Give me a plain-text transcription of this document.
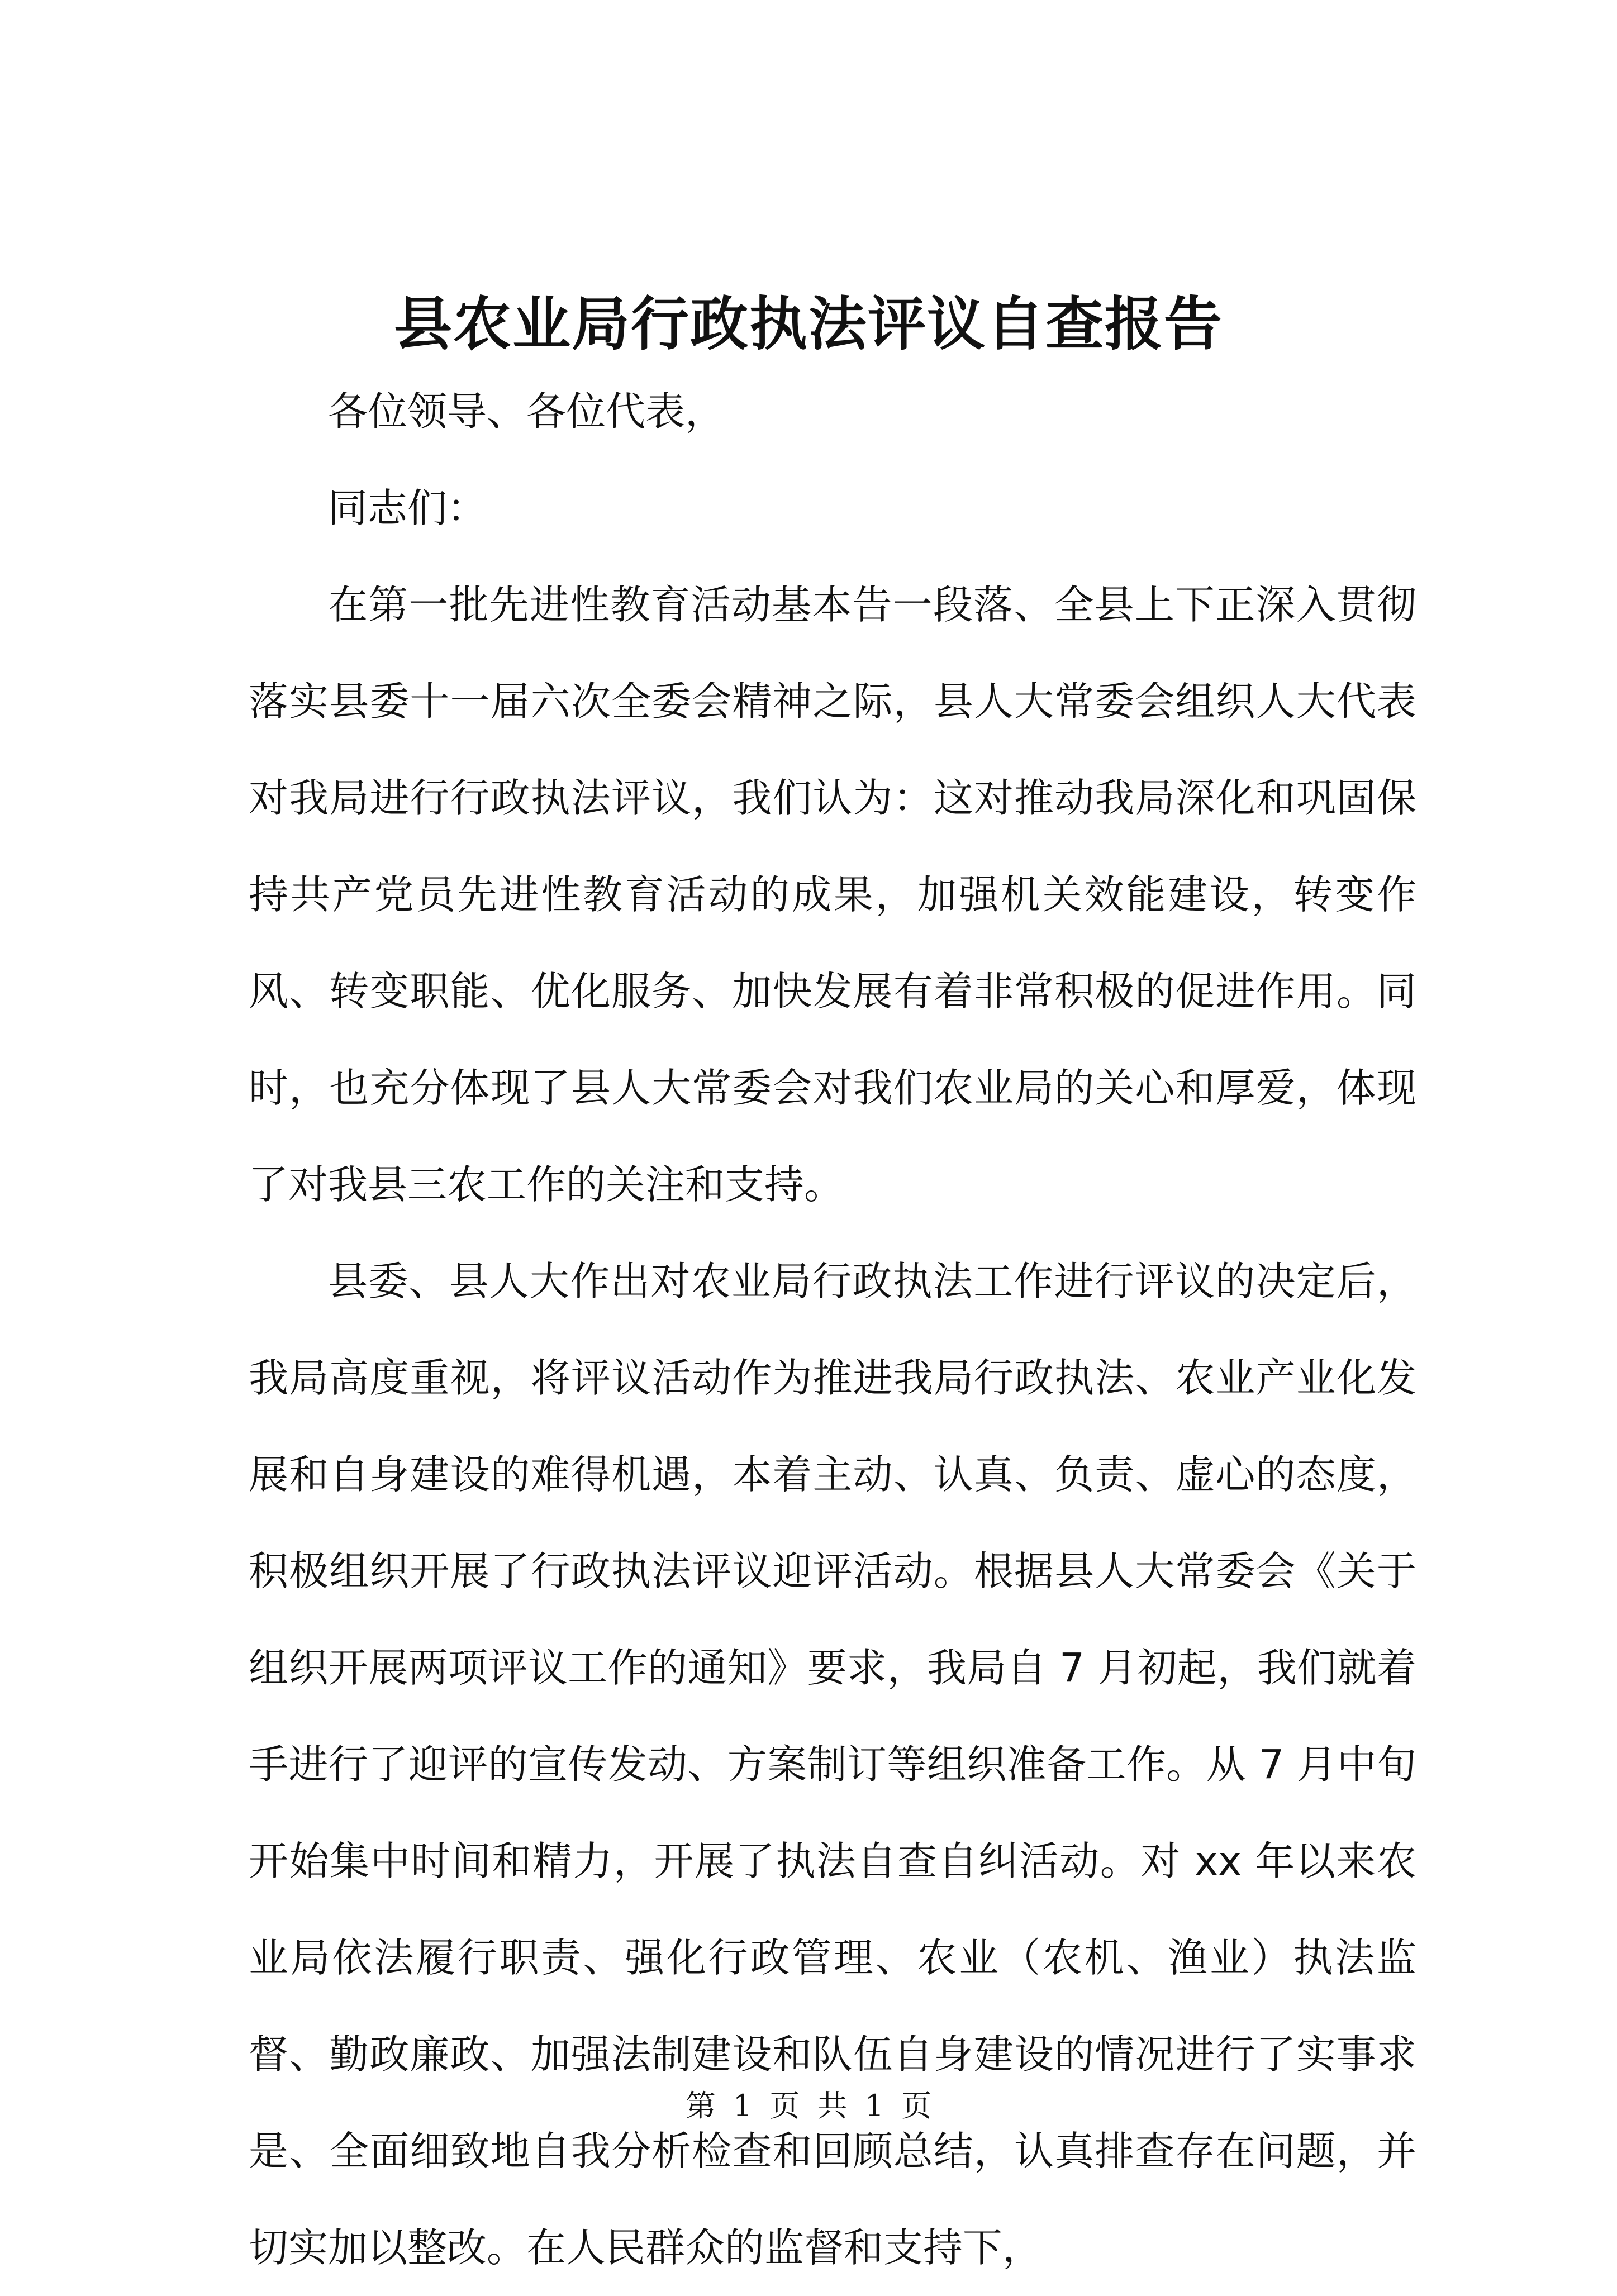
县农业局行政执法评议自查报告

各位领导、各位代表，

同志们：

在第一批先进性教育活动基本告一段落、全县上下正深入贯彻落实县委十一届六次全委会精神之际，县人大常委会组织人大代表对我局进行行政执法评议，我们认为：这对推动我局深化和巩固保持共产党员先进性教育活动的成果，加强机关效能建设，转变作风、转变职能、优化服务、加快发展有着非常积极的促进作用。同时，也充分体现了县人大常委会对我们农业局的关心和厚爱，体现了对我县三农工作的关注和支持。

县委、县人大作出对农业局行政执法工作进行评议的决定后，我局高度重视，将评议活动作为推进我局行政执法、农业产业化发展和自身建设的难得机遇，本着主动、认真、负责、虚心的态度，积极组织开展了行政执法评议迎评活动。根据县人大常委会《关于组织开展两项评议工作的通知》要求，我局自 7 月初起，我们就着手进行了迎评的宣传发动、方案制订等组织准备工作。从 7 月中旬开始集中时间和精力，开展了执法自查自纠活动。对 xx 年以来农业局依法履行职责、强化行政管理、农业（农机、渔业）执法监督、勤政廉政、加强法制建设和队伍自身建设的情况进行了实事求是、全面细致地自我分析检查和回顾总结，认真排查存在问题，并切实加以整改。在人民群众的监督和支持下，

第 1 页 共 1 页
